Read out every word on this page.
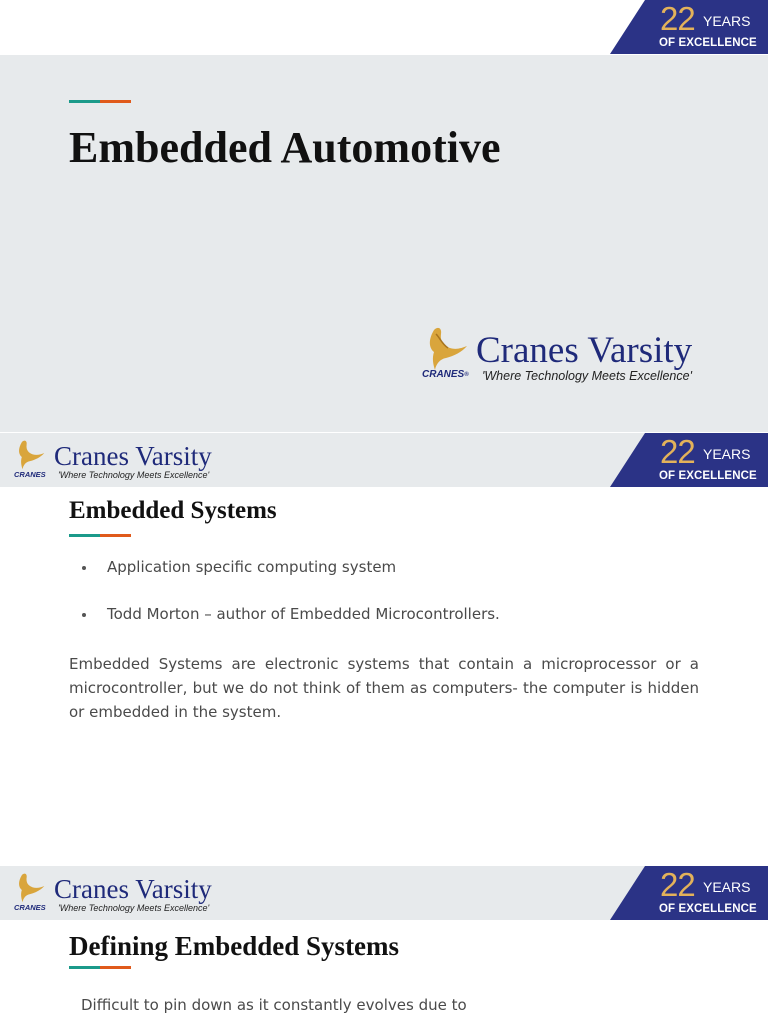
22 YEARS
OF EXCELLENCE
Embedded Automotive
CRANES®
Cranes Varsity
'Where Technology Meets Excellence'
CRANES
Cranes Varsity
'Where Technology Meets Excellence'
22 YEARS
OF EXCELLENCE
Embedded Systems
Application specific computing system
Todd Morton – author of Embedded Microcontrollers.
Embedded Systems are electronic systems that contain a microprocessor or a
microcontroller, but we do not think of them as computers- the computer is hidden
or embedded in the system.
CRANES
Cranes Varsity
'Where Technology Meets Excellence'
22 YEARS
OF EXCELLENCE
Defining Embedded Systems
Difficult to pin down as it constantly evolves due to
